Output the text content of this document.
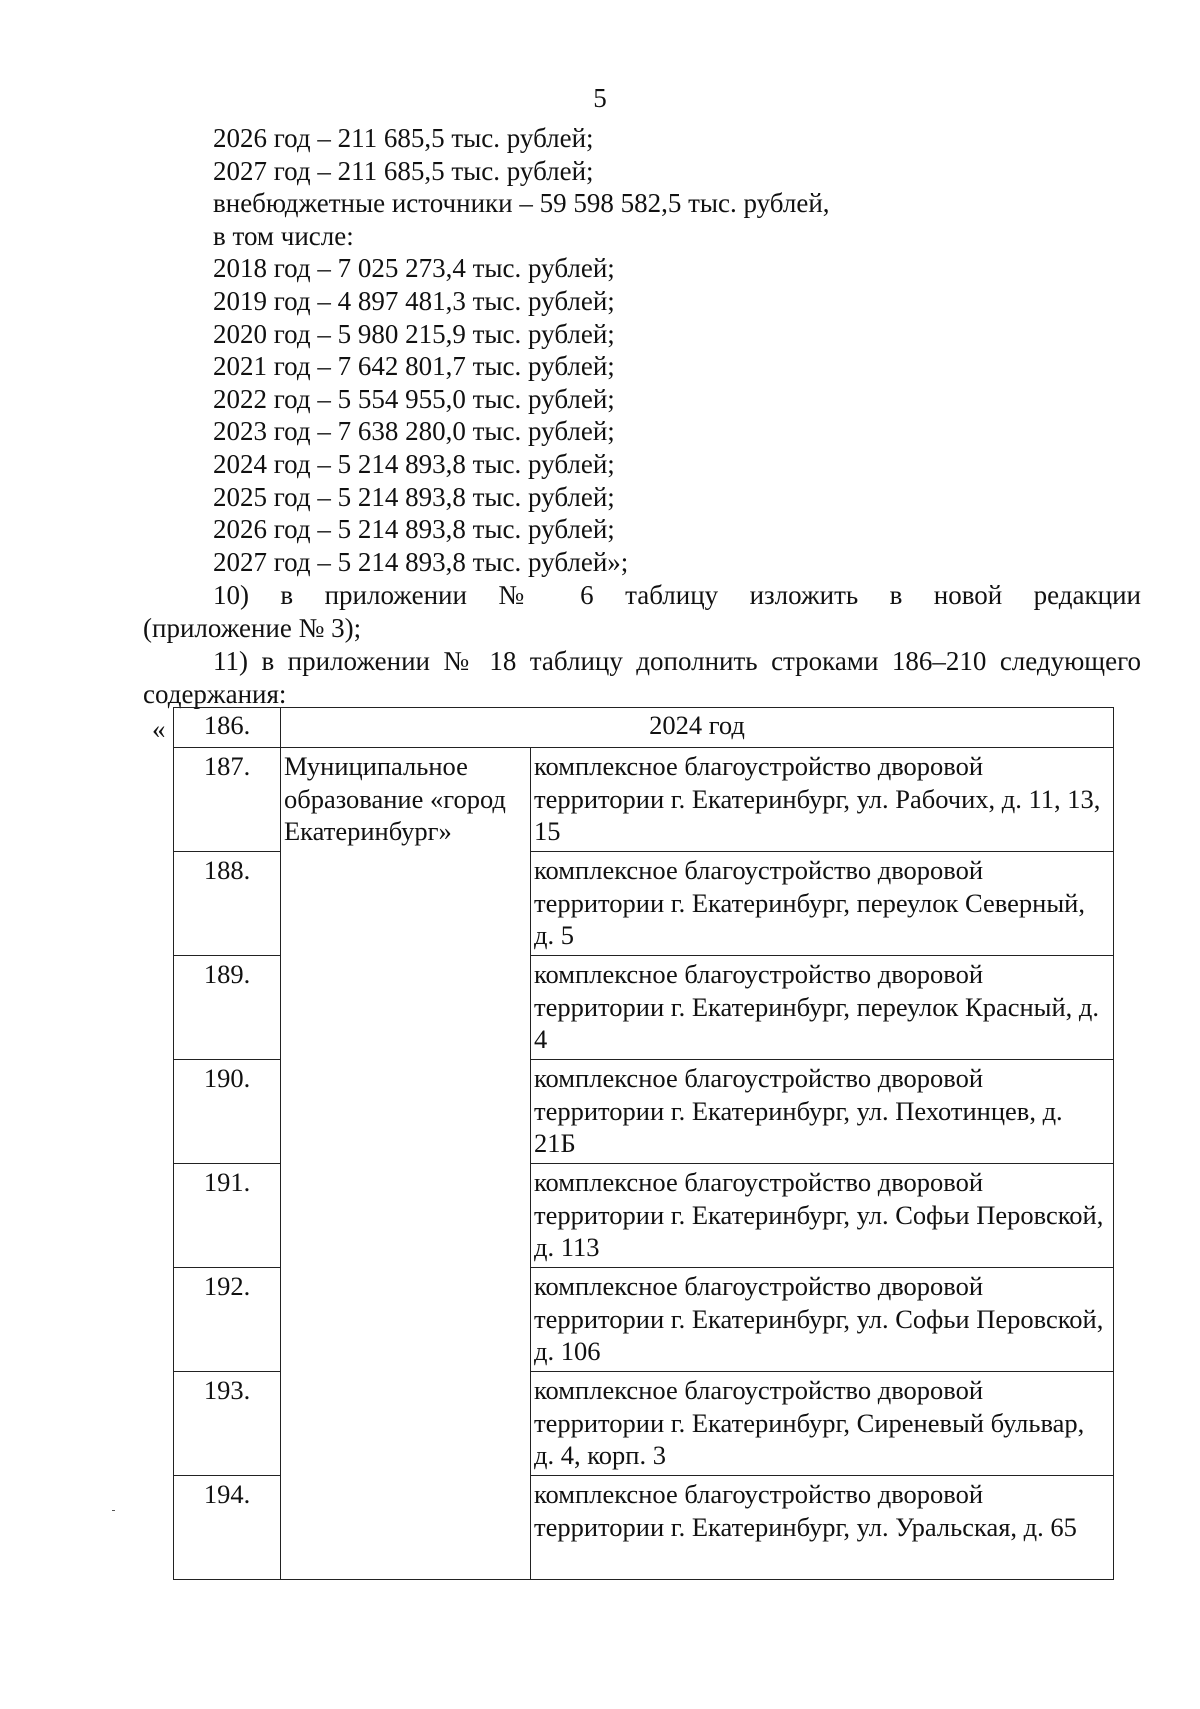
5
2026 год – 211 685,5 тыс. рублей;
2027 год – 211 685,5 тыс. рублей;
внебюджетные источники – 59 598 582,5 тыс. рублей,
в том числе:
2018 год – 7 025 273,4 тыс. рублей;
2019 год – 4 897 481,3 тыс. рублей;
2020 год – 5 980 215,9 тыс. рублей;
2021 год – 7 642 801,7 тыс. рублей;
2022 год – 5 554 955,0 тыс. рублей;
2023 год – 7 638 280,0 тыс. рублей;
2024 год – 5 214 893,8 тыс. рублей;
2025 год – 5 214 893,8 тыс. рублей;
2026 год – 5 214 893,8 тыс. рублей;
2027 год – 5 214 893,8 тыс. рублей»;
10) в приложении № 6 таблицу изложить в новой редакции
(приложение № 3);
11) в приложении № 18 таблицу дополнить строками 186–210 следующего
содержания:
« 186.	2024 год	
187.	Муниципальное образование «город Екатеринбург»	комплексное благоустройство дворовой территории г. Екатеринбург, ул. Рабочих, д. 11, 13, 15
188.		комплексное благоустройство дворовой территории г. Екатеринбург, переулок Северный, д. 5
189.		комплексное благоустройство дворовой территории г. Екатеринбург, переулок Красный, д. 4
190.		комплексное благоустройство дворовой территории г. Екатеринбург, ул. Пехотинцев, д. 21Б
191.		комплексное благоустройство дворовой территории г. Екатеринбург, ул. Софьи Перовской, д. 113
192.		комплексное благоустройство дворовой территории г. Екатеринбург, ул. Софьи Перовской, д. 106
193.		комплексное благоустройство дворовой территории г. Екатеринбург, Сиреневый бульвар, д. 4, корп. 3
194.		комплексное благоустройство дворовой территории г. Екатеринбург, ул. Уральская, д. 65
